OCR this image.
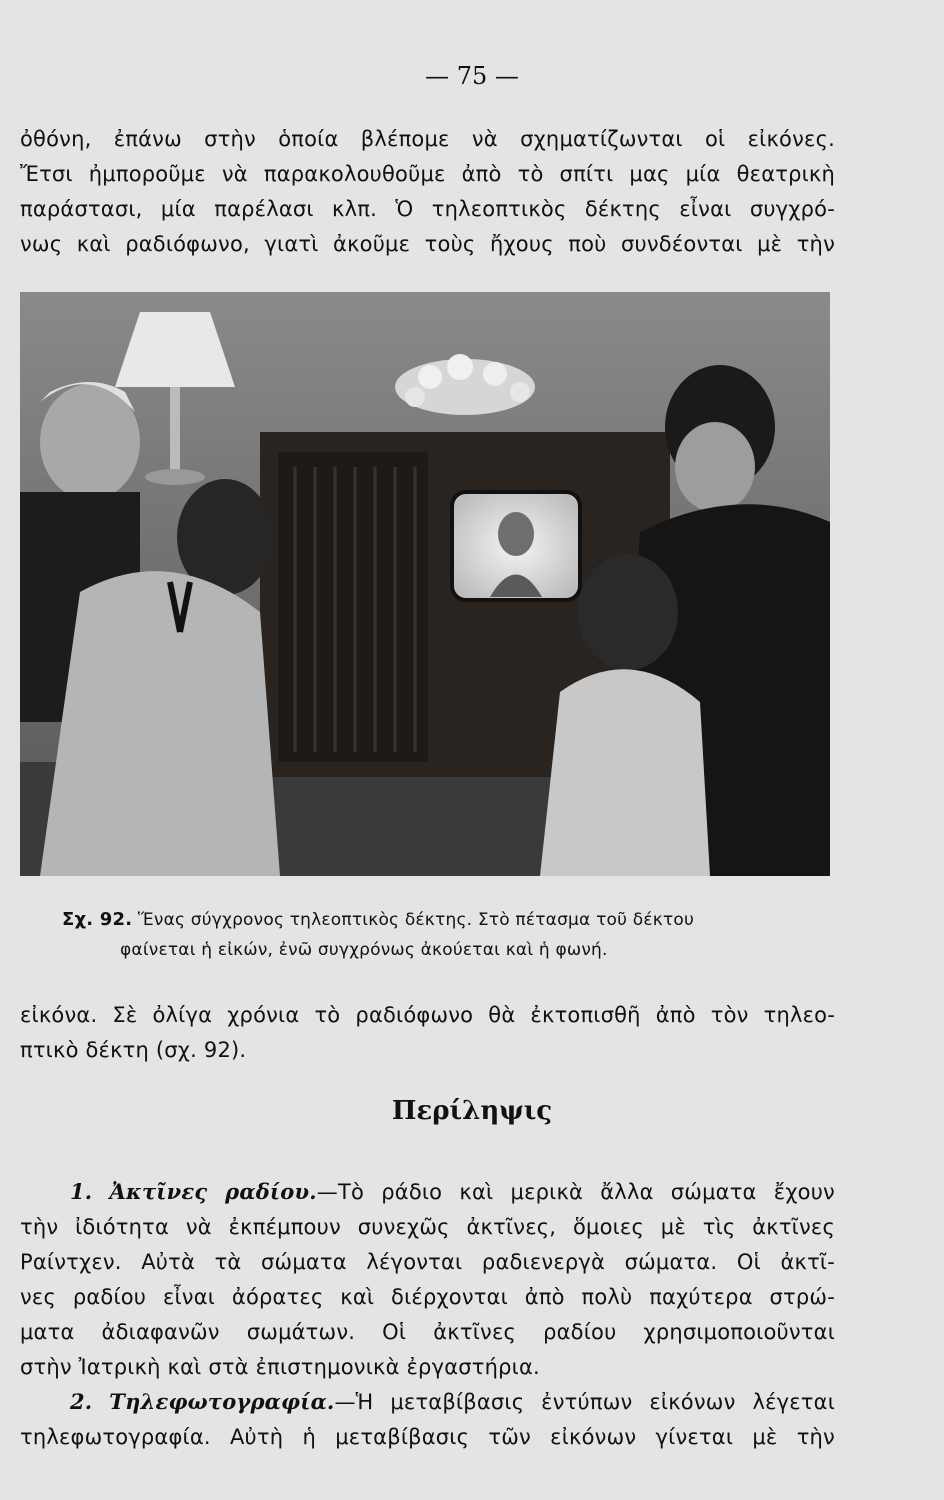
— 75 —
ὀθόνη, ἐπάνω στὴν ὁποία βλέπομε νὰ σχηματίζωνται οἱ εἰκόνες.
Ἔτσι ἠμποροῦμε νὰ παρακολουθοῦμε ἀπὸ τὸ σπίτι μας μία θεατρικὴ
παράστασι, μία παρέλασι κλπ. Ὁ τηλεοπτικὸς δέκτης εἶναι συγχρό-
νως καὶ ραδιόφωνο, γιατὶ ἀκοῦμε τοὺς ἤχους ποὺ συνδέονται μὲ τὴν
Σχ. 92. Ἕνας σύγχρονος τηλεοπτικὸς δέκτης. Στὸ πέτασμα τοῦ δέκτου
φαίνεται ἡ εἰκών, ἐνῶ συγχρόνως ἀκούεται καὶ ἡ φωνή.
εἰκόνα. Σὲ ὀλίγα χρόνια τὸ ραδιόφωνο θὰ ἐκτοπισθῆ ἀπὸ τὸν τηλεο-
πτικὸ δέκτη (σχ. 92).
Περίληψις
1. Ἀκτῖνες ραδίου.—Τὸ ράδιο καὶ μερικὰ ἄλλα σώματα ἔχουν
τὴν ἰδιότητα νὰ ἐκπέμπουν συνεχῶς ἀκτῖνες, ὅμοιες μὲ τὶς ἀκτῖνες
Ραίντχεν. Αὐτὰ τὰ σώματα λέγονται ραδιενεργὰ σώματα. Οἱ ἀκτῖ-
νες ραδίου εἶναι ἀόρατες καὶ διέρχονται ἀπὸ πολὺ παχύτερα στρώ-
ματα ἀδιαφανῶν σωμάτων. Οἱ ἀκτῖνες ραδίου χρησιμοποιοῦνται
στὴν Ἰατρικὴ καὶ στὰ ἐπιστημονικὰ ἐργαστήρια.
2. Τηλεφωτογραφία.—Ἡ μεταβίβασις ἐντύπων εἰκόνων λέγεται
τηλεφωτογραφία. Αὐτὴ ἡ μεταβίβασις τῶν εἰκόνων γίνεται μὲ τὴν
